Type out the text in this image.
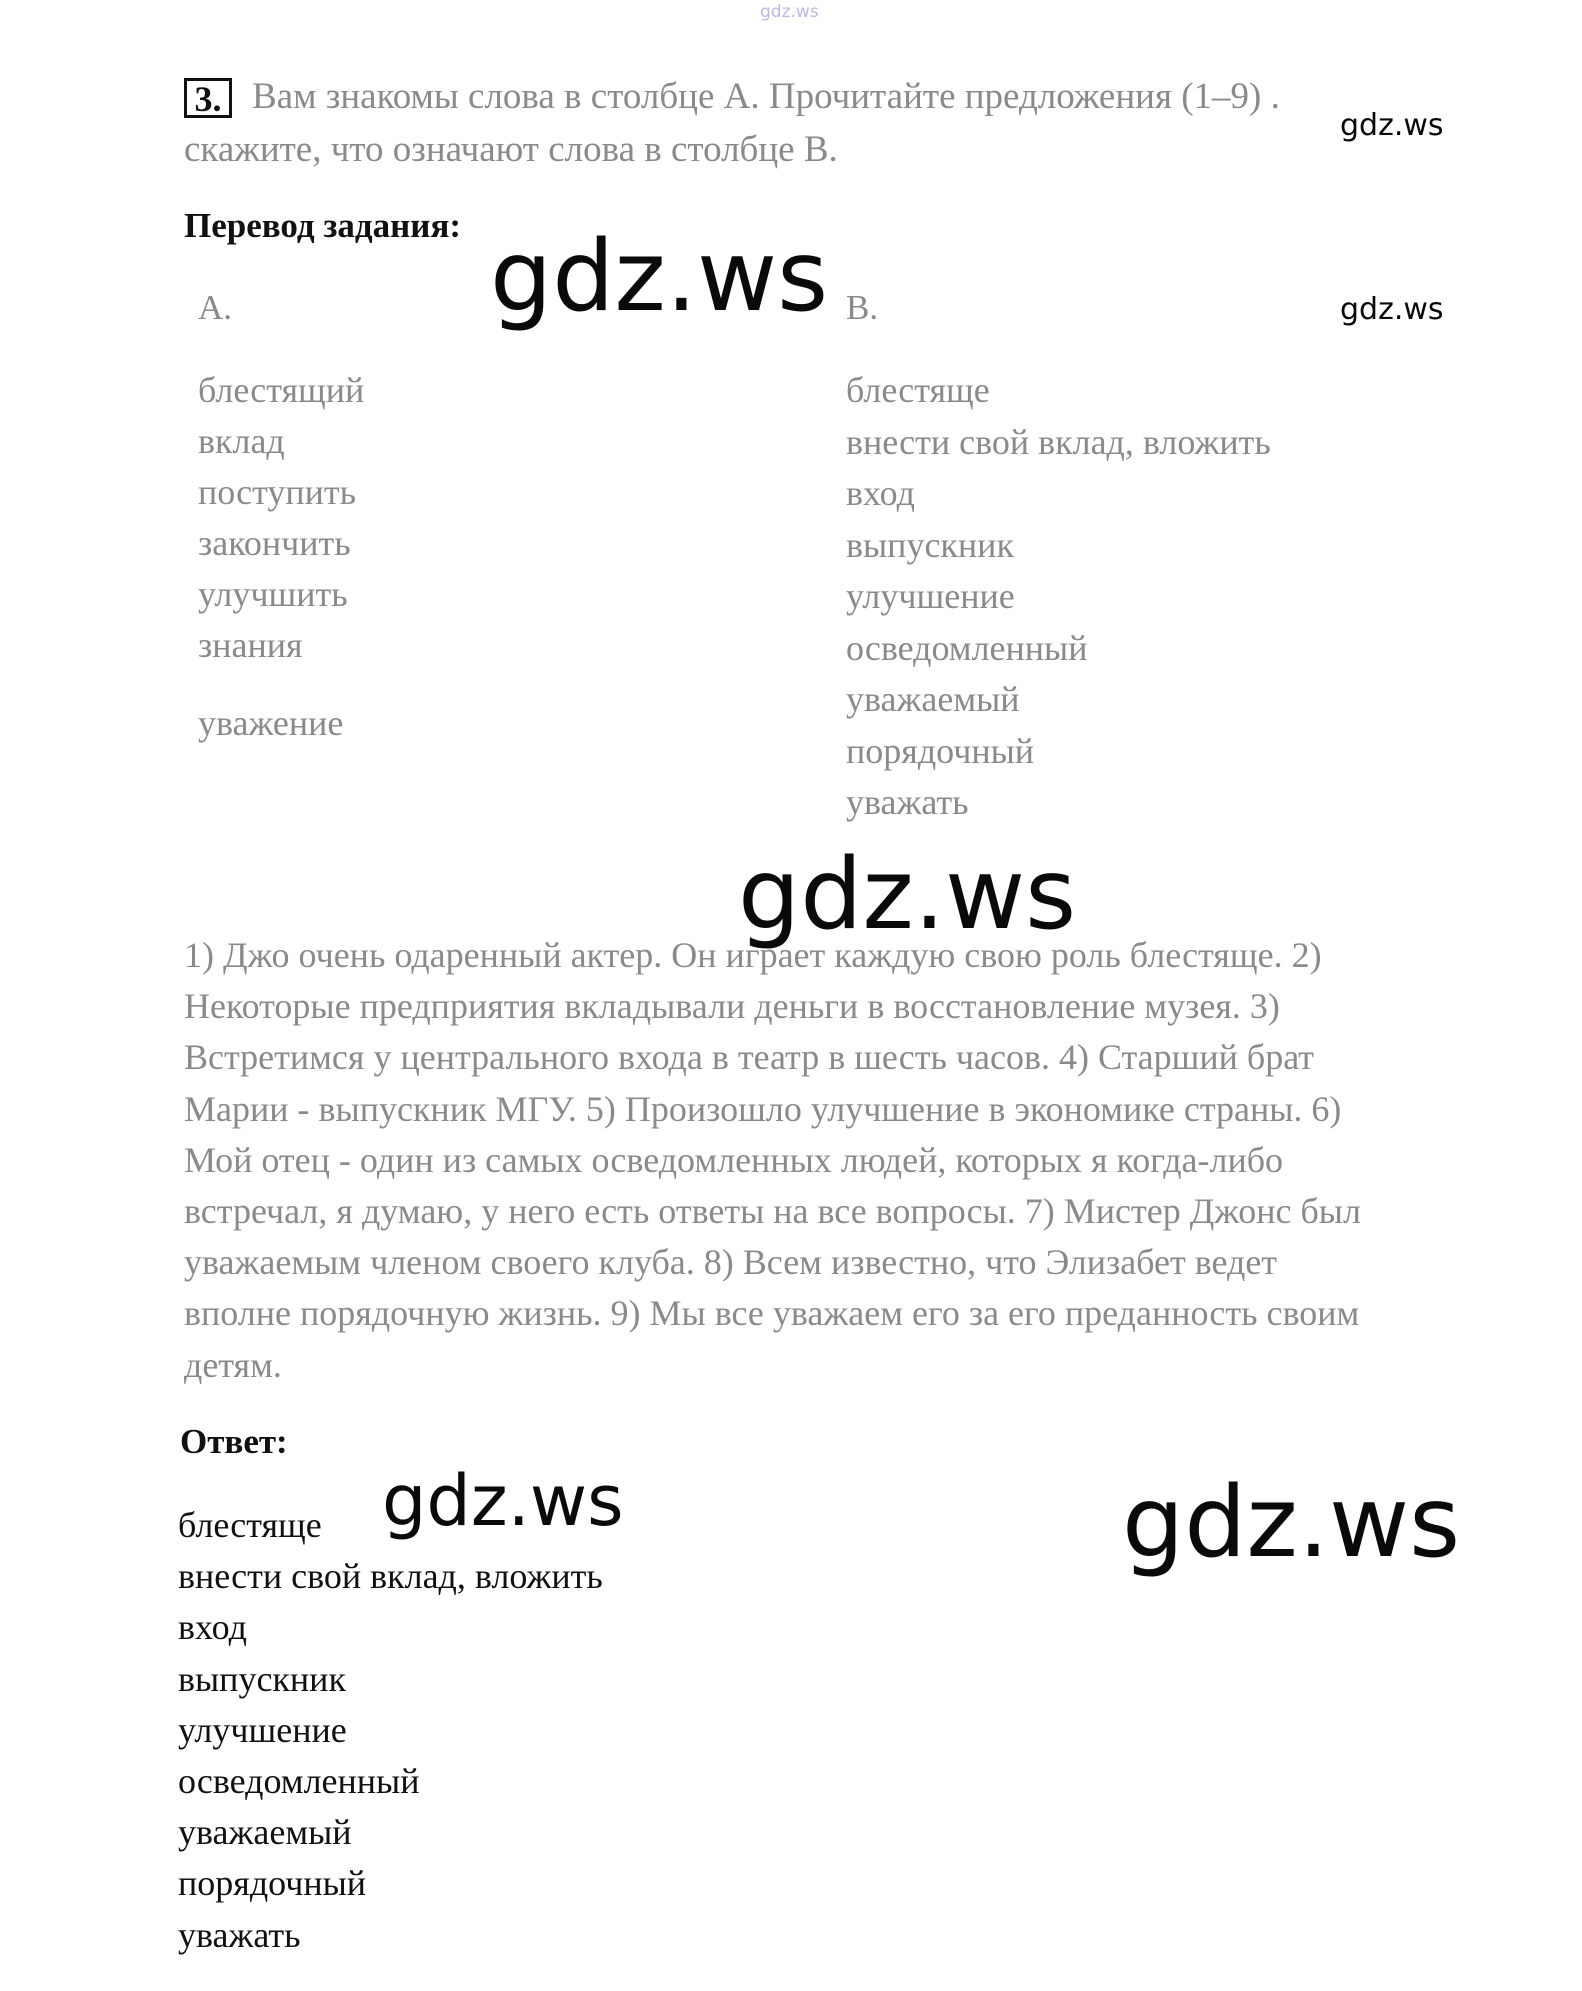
gdz.ws
3. Вам знакомы слова в столбце А. Прочитайте предложения (1–9) .
скажите, что означают слова в столбце В.
Перевод задания:
А.	В.
блестящий
вклад
поступить
закончить
улучшить
знания
уважение
блестяще
внести свой вклад, вложить
вход
выпускник
улучшение
осведомленный
уважаемый
порядочный
уважать
1) Джо очень одаренный актер. Он играет каждую свою роль блестяще. 2)
Некоторые предприятия вкладывали деньги в восстановление музея. 3)
Встретимся у центрального входа в театр в шесть часов. 4) Старший брат
Марии - выпускник МГУ. 5) Произошло улучшение в экономике страны. 6)
Мой отец - один из самых осведомленных людей, которых я когда-либо
встречал, я думаю, у него есть ответы на все вопросы. 7) Мистер Джонс был
уважаемым членом своего клуба. 8) Всем известно, что Элизабет ведет
вполне порядочную жизнь. 9) Мы все уважаем его за его преданность своим
детям.
Ответ:
блестяще
внести свой вклад, вложить
вход
выпускник
улучшение
осведомленный
уважаемый
порядочный
уважать
gdz.ws
gdz.ws
gdz.ws
gdz.ws
gdz.ws	gdz.ws
